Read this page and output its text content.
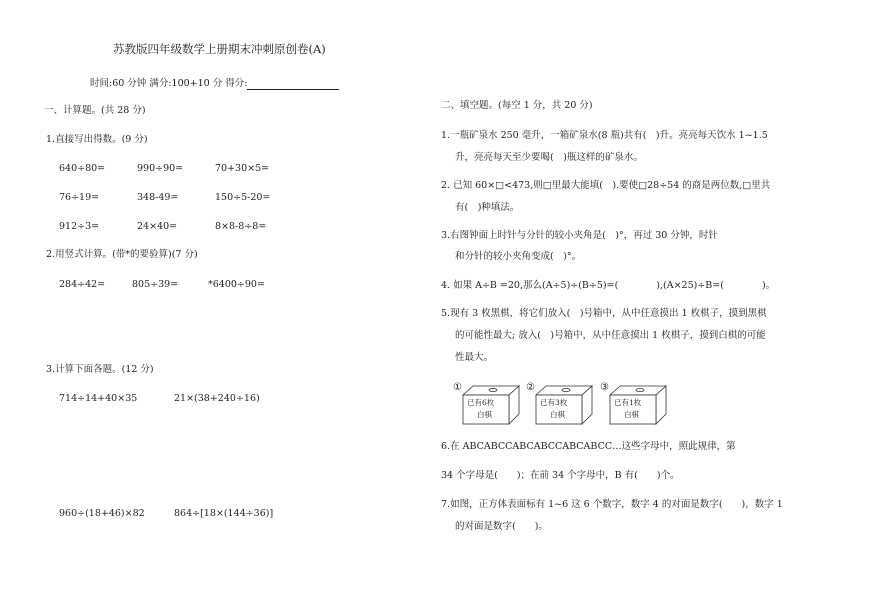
苏教版四年级数学上册期末冲刺原创卷(A)
时间:60 分钟 满分:100+10 分 得分:
一、计算题。(共 28 分)
1.直接写出得数。(9 分)
640÷80=	990÷90=	70+30×5=
76÷19=	348-49=	150÷5-20=
912÷3=	24×40=	8×8-8÷8=
2.用竖式计算。(带*的要验算)(7 分)
284÷42=	805÷39=	*6400÷90=
3.计算下面各题。(12 分)
714÷14+40×35	21×(38+240÷16)
960÷(18+46)×82	864÷[18×(144÷36)]
二、填空题。(每空 1 分，共 20 分)
1.一瓶矿泉水 250 毫升，一箱矿泉水(8 瓶)共有(　)升。亮亮每天饮水 1~1.5
升，亮亮每天至少要喝(　)瓶这样的矿泉水。
2. 已知 60×□<473,则□里最大能填(　).要使□28÷54 的商是两位数,□里共
有(　)种填法。
3.右图钟面上时针与分针的较小夹角是(　)°，再过 30 分钟，时针
和分针的较小夹角变成(　)°。
4. 如果 A÷B =20,那么(A÷5)÷(B÷5)=(　　　　),(A×25)÷B=(　　　　)。
5.现有 3 枚黑棋，将它们放入(　)号箱中，从中任意摸出 1 枚棋子，摸到黑棋
的可能性最大; 放入(　)号箱中，从中任意摸出 1 枚棋子，摸到白棋的可能
性最大。
①
已有6枚
白棋
②
已有3枚
白棋
③
已有1枚
白棋
6.在 ABCABCCABCABCCABCABCC…这些字母中，照此规律，第
34 个字母是(　　)；在前 34 个字母中，B 有(　　)个。
7.如图，正方体表面标有 1~6 这 6 个数字，数字 4 的对面是数字(　　)，数字 1
的对面是数字(　　)。
